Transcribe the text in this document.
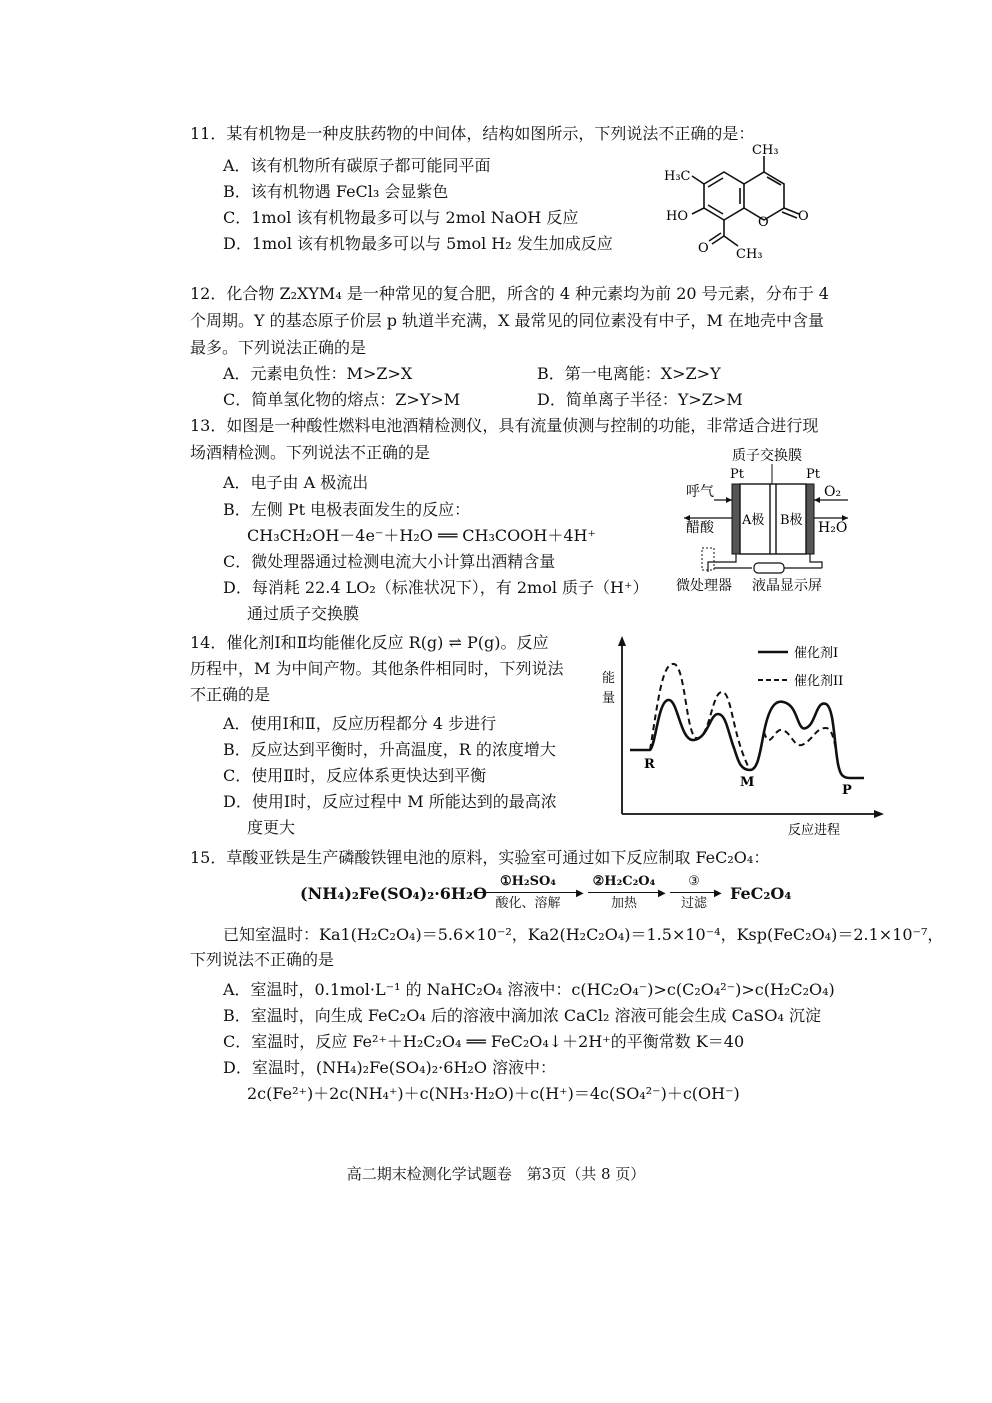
11．某有机物是一种皮肤药物的中间体，结构如图所示，下列说法不正确的是：
A．该有机物所有碳原子都可能同平面
B．该有机物遇 FeCl₃ 会显紫色
C．1mol 该有机物最多可以与 2mol NaOH 反应
D．1mol 该有机物最多可以与 5mol H₂ 发生加成反应
CH₃
H₃C
HO	O O
O CH₃
12．化合物 Z₂XYM₄ 是一种常见的复合肥，所含的 4 种元素均为前 20 号元素，分布于 4
个周期。Y 的基态原子价层 p 轨道半充满，X 最常见的同位素没有中子，M 在地壳中含量
最多。下列说法正确的是
A．元素电负性：M>Z>X	B．第一电离能：X>Z>Y
C．简单氢化物的熔点：Z>Y>M	D．简单离子半径：Y>Z>M
13．如图是一种酸性燃料电池酒精检测仪，具有流量侦测与控制的功能，非常适合进行现
场酒精检测。下列说法不正确的是
A．电子由 A 极流出
B．左侧 Pt 电极表面发生的反应：
CH₃CH₂OH－4e⁻＋H₂O ══ CH₃COOH＋4H⁺
C．微处理器通过检测电流大小计算出酒精含量
D．每消耗 22.4 LO₂（标准状况下），有 2mol 质子（H⁺）
通过质子交换膜
质子交换膜
Pt	Pt
A极 B极
呼气
醋酸
O₂
H₂O
微处理器 液晶显示屏
14．催化剂Ⅰ和Ⅱ均能催化反应 R(g) ⇌ P(g)。反应
历程中，M 为中间产物。其他条件相同时，下列说法
不正确的是
A．使用Ⅰ和Ⅱ，反应历程都分 4 步进行
B．反应达到平衡时，升高温度，R 的浓度增大
C．使用Ⅱ时，反应体系更快达到平衡
D．使用Ⅰ时，反应过程中 M 所能达到的最高浓
度更大
能
量
反应进程
催化剂I
催化剂II
R
M
P
15．草酸亚铁是生产磷酸铁锂电池的原料，实验室可通过如下反应制取 FeC₂O₄：
(NH₄)₂Fe(SO₄)₂·6H₂O
①H₂SO₄
▶
酸化、溶解
②H₂C₂O₄
▶
加热
③
▶
过滤
FeC₂O₄
已知室温时：Ka1(H₂C₂O₄)＝5.6×10⁻²，Ka2(H₂C₂O₄)＝1.5×10⁻⁴，Ksp(FeC₂O₄)＝2.1×10⁻⁷，
下列说法不正确的是
A．室温时，0.1mol·L⁻¹ 的 NaHC₂O₄ 溶液中：c(HC₂O₄⁻)>c(C₂O₄²⁻)>c(H₂C₂O₄)
B．室温时，向生成 FeC₂O₄ 后的溶液中滴加浓 CaCl₂ 溶液可能会生成 CaSO₄ 沉淀
C．室温时，反应 Fe²⁺＋H₂C₂O₄ ══ FeC₂O₄↓＋2H⁺的平衡常数 K＝40
D．室温时，(NH₄)₂Fe(SO₄)₂·6H₂O 溶液中：
2c(Fe²⁺)＋2c(NH₄⁺)＋c(NH₃·H₂O)＋c(H⁺)＝4c(SO₄²⁻)＋c(OH⁻)
高二期末检测化学试题卷　第3页（共 8 页）
